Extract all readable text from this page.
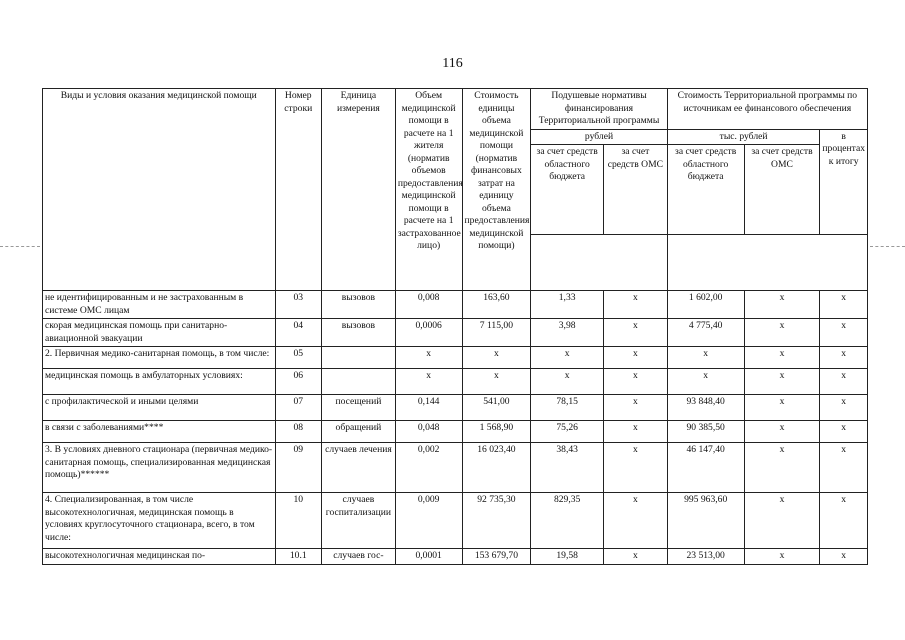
116
Виды и условия оказания медицинской помощи	Номер строки	Единица измерения	Объем медицинской помощи в расчете на 1 жителя (норматив объемов предоставления медицинской помощи в расчете на 1 застрахованное лицо)	Стоимость единицы объема медицинской помощи (норматив финансовых затрат на единицу объема предоставления медицинской помощи)	Подушевые нормативы финансирования Территориальной программы		Стоимость Территориальной программы по источникам ее финансового обеспечения		
					рублей		тыс. рублей		в процентах к итогу
					за счет средств областного бюджета	за счет средств ОМС	за счет средств областного бюджета	за счет средств ОМС	

не идентифицированным и не застрахованным в системе ОМС лицам	03	вызовов	0,008	163,60	1,33	х	1 602,00	х	х
скорая медицинская помощь при санитарно-авиационной эвакуации	04	вызовов	0,0006	7 115,00	3,98	х	4 775,40	х	х
2. Первичная медико-санитарная помощь, в том числе:	05		х	х	х	х	х	х	х
медицинская помощь в амбулаторных условиях:	06		х	х	х	х	х	х	х
с профилактической и иными целями	07	посещений	0,144	541,00	78,15	х	93 848,40	х	х
в связи с заболеваниями****	08	обращений	0,048	1 568,90	75,26	х	90 385,50	х	х
3. В условиях дневного стационара (первичная медико-санитарная помощь, специализированная медицинская помощь)******	09	случаев лечения	0,002	16 023,40	38,43	х	46 147,40	х	х
4. Специализированная, в том числе высокотехнологичная, медицинская помощь в условиях круглосуточного стационара, всего, в том числе:	10	случаев госпитализации	0,009	92 735,30	829,35	х	995 963,60	х	х
высокотехнологичная медицинская по-	10.1	случаев гос-	0,0001	153 679,70	19,58	х	23 513,00	х	х
